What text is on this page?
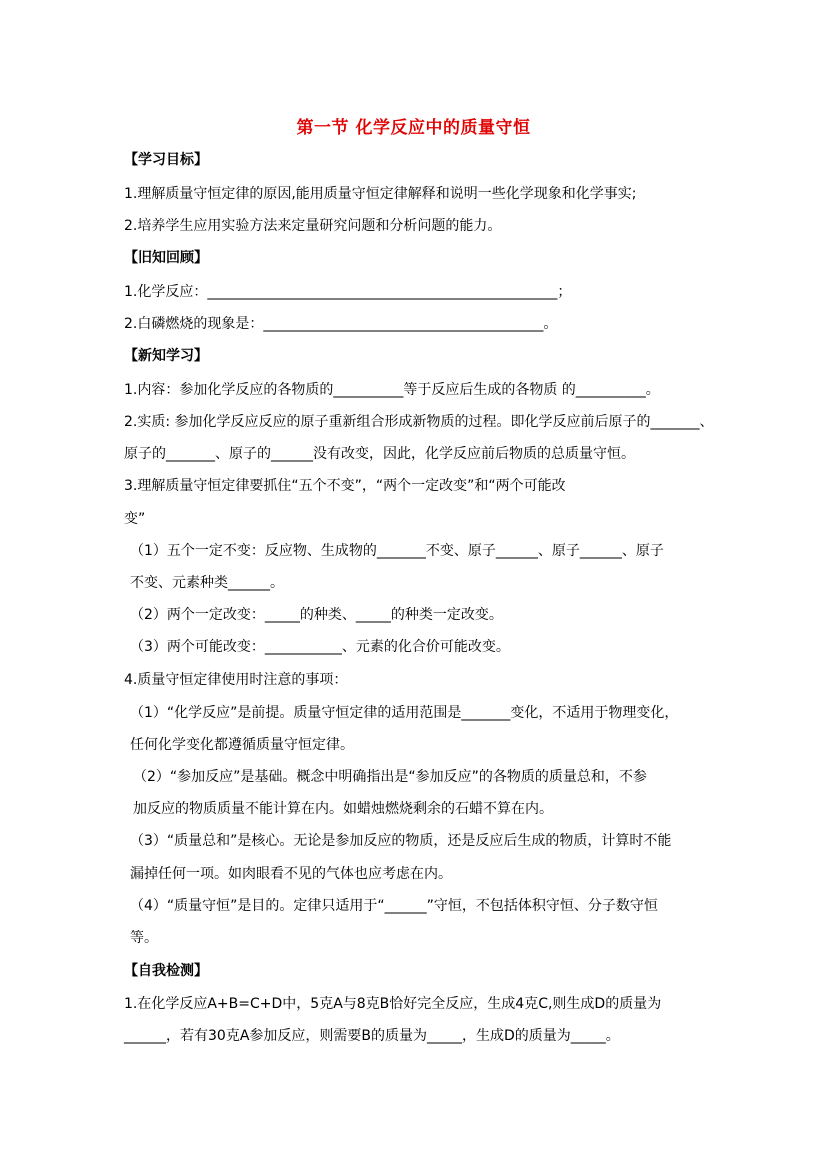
第一节 化学反应中的质量守恒
【学习目标】
1.理解质量守恒定律的原因,能用质量守恒定律解释和说明一些化学现象和化学事实;
2.培养学生应用实验方法来定量研究问题和分析问题的能力。
【旧知回顾】
1.化学反应：__________________________________________________；
2.白磷燃烧的现象是：________________________________________。
【新知学习】
1.内容：参加化学反应的各物质的__________等于反应后生成的各物质 的__________。
2.实质: 参加化学反应反应的原子重新组合形成新物质的过程。即化学反应前后原子的_______、
原子的_______、原子的______没有改变，因此，化学反应前后物质的总质量守恒。
3.理解质量守恒定律要抓住“五个不变”，“两个一定改变”和“两个可能改
变”
（1）五个一定不变：反应物、生成物的_______不变、原子______、原子______、原子
不变、元素种类______。
（2）两个一定改变：_____的种类、_____的种类一定改变。
（3）两个可能改变：___________、元素的化合价可能改变。
4.质量守恒定律使用时注意的事项：
（1）“化学反应”是前提。质量守恒定律的适用范围是_______变化，不适用于物理变化，
任何化学变化都遵循质量守恒定律。
（2）“参加反应”是基础。概念中明确指出是“参加反应”的各物质的质量总和，不参
加反应的物质质量不能计算在内。如蜡烛燃烧剩余的石蜡不算在内。
（3）“质量总和”是核心。无论是参加反应的物质，还是反应后生成的物质，计算时不能
漏掉任何一项。如肉眼看不见的气体也应考虑在内。
（4）“质量守恒”是目的。定律只适用于“______”守恒，不包括体积守恒、分子数守恒
等。
【自我检测】
1.在化学反应A+B=C+D中，5克A与8克B恰好完全反应，生成4克C,则生成D的质量为
______，若有30克A参加反应，则需要B的质量为_____，生成D的质量为_____。
